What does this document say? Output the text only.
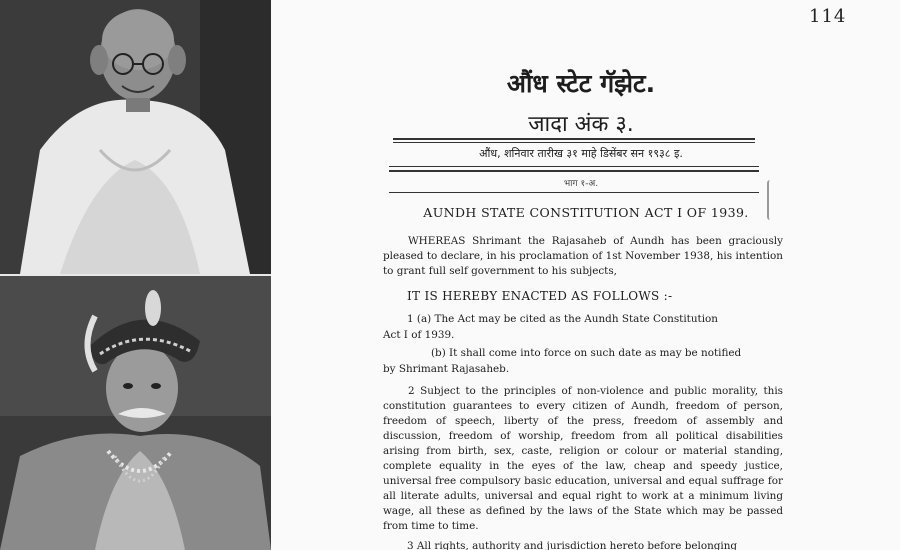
114
औंध स्टेट गॅझेट.
जादा अंक ३.
औंध, शनिवार तारीख ३१ माहे डिसेंबर सन १९३८ इ.
भाग १-अ.
AUNDH STATE CONSTITUTION ACT I OF 1939.

WHEREAS Shrimant the Rajasaheb of Aundh has been graciously pleased to declare, in his proclamation of 1st November 1938, his intention to grant full self government to his subjects,

IT IS HEREBY ENACTED AS FOLLOWS :-
1 (a) The Act may be cited as the Aundh State Constitution
Act I of 1939.
(b) It shall come into force on such date as may be notified
by Shrimant Rajasaheb.

2 Subject to the principles of non-violence and public morality, this constitution guarantees to every citizen of Aundh, freedom of person, freedom of speech, liberty of the press, freedom of assembly and discussion, freedom of worship, freedom from all political disabilities arising from birth, sex, caste, religion or colour or material standing, complete equality in the eyes of the law, cheap and speedy justice, universal free compulsory basic education, universal and equal suffrage for all literate adults, universal and equal right to work at a minimum living wage, all these as defined by the laws of the State which may be passed from time to time.

3 All rights, authority and jurisdiction hereto before belonging
